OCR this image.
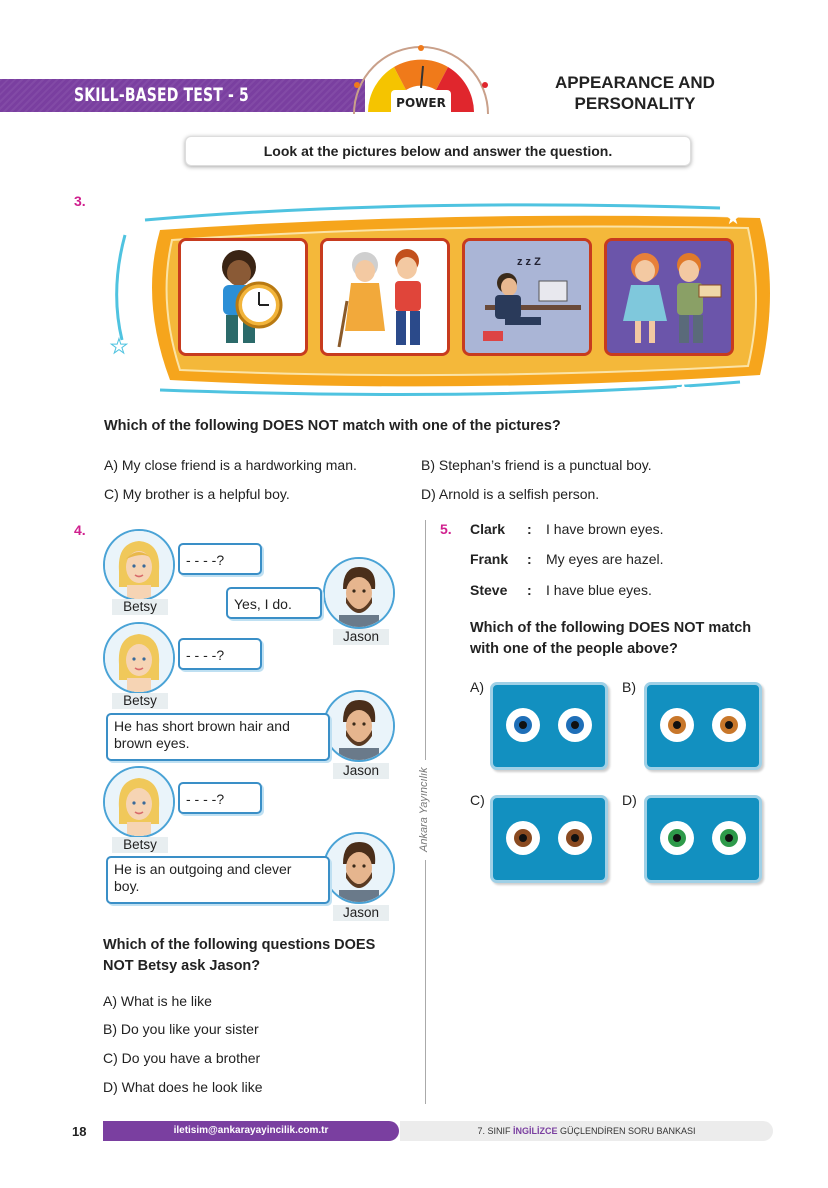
SKILL-BASED TEST - 5	POWER
APPEARANCE AND
PERSONALITY
Look at the pictures below and answer the question.
3.
★
★
★
z z Z
Which of the following DOES NOT match with one of the pictures?
A) My close friend is a hardworking man.	B) Stephan’s friend is a punctual boy.
C) My brother is a helpful boy.	D) Arnold is a selfish person.
4.
Betsy
- - - -?
Jason
Yes, I do.
Betsy
- - - -?
Jason
He has short brown hair and
brown eyes.
Betsy
- - - -?
Jason
He is an outgoing and clever
boy.
Which of the following questions DOES
NOT Betsy ask Jason?
A) What is he like
B) Do you like your sister
C) Do you have a brother
D) What does he look like
Ankara Yayıncılık
5. Clark : I have brown eyes.
Frank : My eyes are hazel.
Steve : I have blue eyes.
Which of the following DOES NOT match
with one of the people above?
A)	B)
C)	D)
18	iletisim@ankarayayincilik.com.tr	7. SINIF İNGİLİZCE GÜÇLENDİREN SORU BANKASI
